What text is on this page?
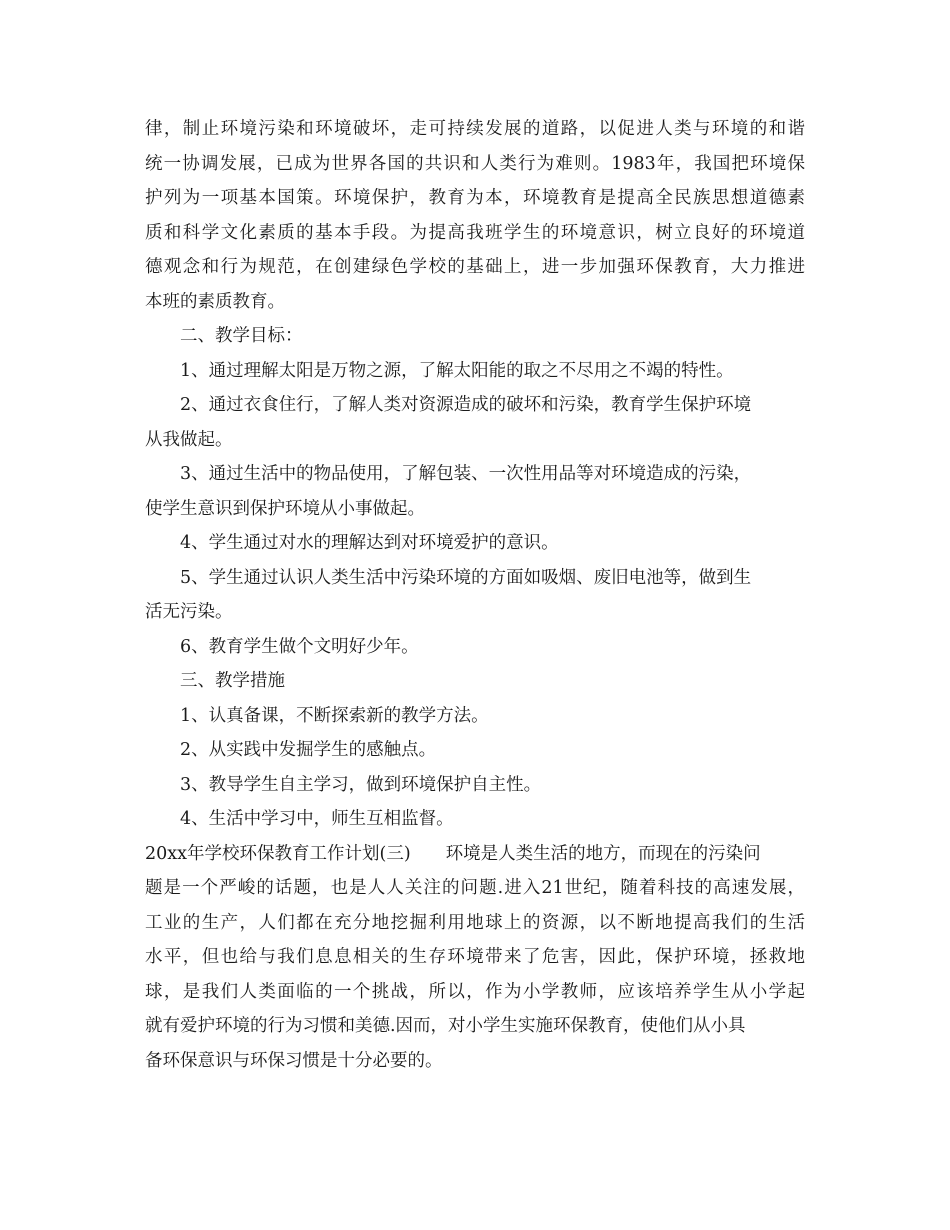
律，制止环境污染和环境破坏，走可持续发展的道路，以促进人类与环境的和谐
统一协调发展，已成为世界各国的共识和人类行为难则。1983年，我国把环境保
护列为一项基本国策。环境保护，教育为本，环境教育是提高全民族思想道德素
质和科学文化素质的基本手段。为提高我班学生的环境意识，树立良好的环境道
德观念和行为规范，在创建绿色学校的基础上，进一步加强环保教育，大力推进
本班的素质教育。
二、教学目标：
1、通过理解太阳是万物之源，了解太阳能的取之不尽用之不竭的特性。
2、通过衣食住行，了解人类对资源造成的破坏和污染，教育学生保护环境
从我做起。
3、通过生活中的物品使用，了解包装、一次性用品等对环境造成的污染，
使学生意识到保护环境从小事做起。
4、学生通过对水的理解达到对环境爱护的意识。
5、学生通过认识人类生活中污染环境的方面如吸烟、废旧电池等，做到生
活无污染。
6、教育学生做个文明好少年。
三、教学措施
1、认真备课，不断探索新的教学方法。
2、从实践中发掘学生的感触点。
3、教导学生自主学习，做到环境保护自主性。
4、生活中学习中，师生互相监督。
20xx年学校环保教育工作计划(三)　　环境是人类生活的地方，而现在的污染问
题是一个严峻的话题，也是人人关注的问题.进入21世纪，随着科技的高速发展，
工业的生产，人们都在充分地挖掘利用地球上的资源，以不断地提高我们的生活
水平，但也给与我们息息相关的生存环境带来了危害，因此，保护环境，拯救地
球，是我们人类面临的一个挑战，所以，作为小学教师，应该培养学生从小学起
就有爱护环境的行为习惯和美德.因而，对小学生实施环保教育，使他们从小具
备环保意识与环保习惯是十分必要的。
